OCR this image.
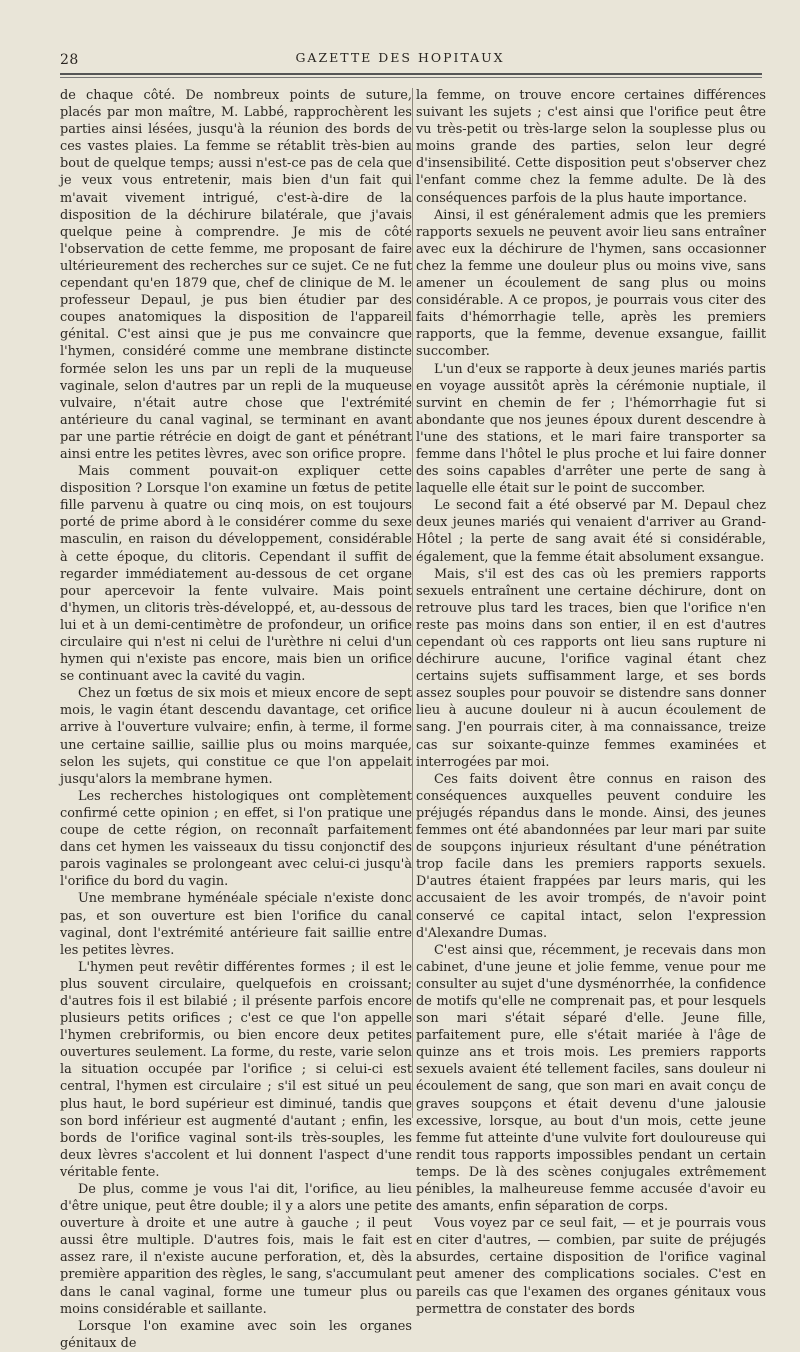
28	GAZETTE DES HOPITAUX

de chaque côté. De nombreux points de suture, placés par mon maître, M. Labbé, rapprochèrent les parties ainsi lésées, jusqu'à la réunion des bords de ces vastes plaies. La femme se rétablit très-bien au bout de quelque temps; aussi n'est-ce pas de cela que je veux vous entretenir, mais bien d'un fait qui m'avait vivement intrigué, c'est-à-dire de la disposition de la déchirure bilatérale, que j'avais quelque peine à comprendre. Je mis de côté l'observation de cette femme, me proposant de faire ultérieurement des recherches sur ce sujet. Ce ne fut cependant qu'en 1879 que, chef de clinique de M. le professeur Depaul, je pus bien étudier par des coupes anatomiques la disposition de l'appareil génital. C'est ainsi que je pus me convaincre que l'hymen, considéré comme une membrane distincte formée selon les uns par un repli de la muqueuse vaginale, selon d'autres par un repli de la muqueuse vulvaire, n'était autre chose que l'extrémité antérieure du canal vaginal, se terminant en avant par une partie rétrécie en doigt de gant et pénétrant ainsi entre les petites lèvres, avec son orifice propre.

Mais comment pouvait-on expliquer cette disposition ? Lorsque l'on examine un fœtus de petite fille parvenu à quatre ou cinq mois, on est toujours porté de prime abord à le considérer comme du sexe masculin, en raison du développement, considérable à cette époque, du clitoris. Cependant il suffit de regarder immédiatement au-dessous de cet organe pour apercevoir la fente vulvaire. Mais point d'hymen, un clitoris très-développé, et, au-dessous de lui et à un demi-centimètre de profondeur, un orifice circulaire qui n'est ni celui de l'urèthre ni celui d'un hymen qui n'existe pas encore, mais bien un orifice se continuant avec la cavité du vagin.

Chez un fœtus de six mois et mieux encore de sept mois, le vagin étant descendu davantage, cet orifice arrive à l'ouverture vulvaire; enfin, à terme, il forme une certaine saillie, saillie plus ou moins marquée, selon les sujets, qui constitue ce que l'on appelait jusqu'alors la membrane hymen.

Les recherches histologiques ont complètement confirmé cette opinion ; en effet, si l'on pratique une coupe de cette région, on reconnaît parfaitement dans cet hymen les vaisseaux du tissu conjonctif des parois vaginales se prolongeant avec celui-ci jusqu'à l'orifice du bord du vagin.

Une membrane hyménéale spéciale n'existe donc pas, et son ouverture est bien l'orifice du canal vaginal, dont l'extrémité antérieure fait saillie entre les petites lèvres.

L'hymen peut revêtir différentes formes ; il est le plus souvent circulaire, quelquefois en croissant; d'autres fois il est bilabié ; il présente parfois encore plusieurs petits orifices ; c'est ce que l'on appelle l'hymen crebriformis, ou bien encore deux petites ouvertures seulement. La forme, du reste, varie selon la situation occupée par l'orifice ; si celui-ci est central, l'hymen est circulaire ; s'il est situé un peu plus haut, le bord supérieur est diminué, tandis que son bord inférieur est augmenté d'autant ; enfin, les bords de l'orifice vaginal sont-ils très-souples, les deux lèvres s'accolent et lui donnent l'aspect d'une véritable fente.

De plus, comme je vous l'ai dit, l'orifice, au lieu d'être unique, peut être double; il y a alors une petite ouverture à droite et une autre à gauche ; il peut aussi être multiple. D'autres fois, mais le fait est assez rare, il n'existe aucune perforation, et, dès la première apparition des règles, le sang, s'accumulant dans le canal vaginal, forme une tumeur plus ou moins considérable et saillante.

Lorsque l'on examine avec soin les organes génitaux de

la femme, on trouve encore certaines différences suivant les sujets ; c'est ainsi que l'orifice peut être vu très-petit ou très-large selon la souplesse plus ou moins grande des parties, selon leur degré d'insensibilité. Cette disposition peut s'observer chez l'enfant comme chez la femme adulte. De là des conséquences parfois de la plus haute importance.

Ainsi, il est généralement admis que les premiers rapports sexuels ne peuvent avoir lieu sans entraîner avec eux la déchirure de l'hymen, sans occasionner chez la femme une douleur plus ou moins vive, sans amener un écoulement de sang plus ou moins considérable. A ce propos, je pourrais vous citer des faits d'hémorrhagie telle, après les premiers rapports, que la femme, devenue exsangue, faillit succomber.

L'un d'eux se rapporte à deux jeunes mariés partis en voyage aussitôt après la cérémonie nuptiale, il survint en chemin de fer ; l'hémorrhagie fut si abondante que nos jeunes époux durent descendre à l'une des stations, et le mari faire transporter sa femme dans l'hôtel le plus proche et lui faire donner des soins capables d'arrêter une perte de sang à laquelle elle était sur le point de succomber.

Le second fait a été observé par M. Depaul chez deux jeunes mariés qui venaient d'arriver au Grand-Hôtel ; la perte de sang avait été si considérable, également, que la femme était absolument exsangue.

Mais, s'il est des cas où les premiers rapports sexuels entraînent une certaine déchirure, dont on retrouve plus tard les traces, bien que l'orifice n'en reste pas moins dans son entier, il en est d'autres cependant où ces rapports ont lieu sans rupture ni déchirure aucune, l'orifice vaginal étant chez certains sujets suffisamment large, et ses bords assez souples pour pouvoir se distendre sans donner lieu à aucune douleur ni à aucun écoulement de sang. J'en pourrais citer, à ma connaissance, treize cas sur soixante-quinze femmes examinées et interrogées par moi.

Ces faits doivent être connus en raison des conséquences auxquelles peuvent conduire les préjugés répandus dans le monde. Ainsi, des jeunes femmes ont été abandonnées par leur mari par suite de soupçons injurieux résultant d'une pénétration trop facile dans les premiers rapports sexuels. D'autres étaient frappées par leurs maris, qui les accusaient de les avoir trompés, de n'avoir point conservé ce capital intact, selon l'expression d'Alexandre Dumas.

C'est ainsi que, récemment, je recevais dans mon cabinet, d'une jeune et jolie femme, venue pour me consulter au sujet d'une dysménorrhée, la confidence de motifs qu'elle ne comprenait pas, et pour lesquels son mari s'était séparé d'elle. Jeune fille, parfaitement pure, elle s'était mariée à l'âge de quinze ans et trois mois. Les premiers rapports sexuels avaient été tellement faciles, sans douleur ni écoulement de sang, que son mari en avait conçu de graves soupçons et était devenu d'une jalousie excessive, lorsque, au bout d'un mois, cette jeune femme fut atteinte d'une vulvite fort douloureuse qui rendit tous rapports impossibles pendant un certain temps. De là des scènes conjugales extrêmement pénibles, la malheureuse femme accusée d'avoir eu des amants, enfin séparation de corps.

Vous voyez par ce seul fait, — et je pourrais vous en citer d'autres, — combien, par suite de préjugés absurdes, certaine disposition de l'orifice vaginal peut amener des complications sociales. C'est en pareils cas que l'examen des organes génitaux vous permettra de constater des bords
